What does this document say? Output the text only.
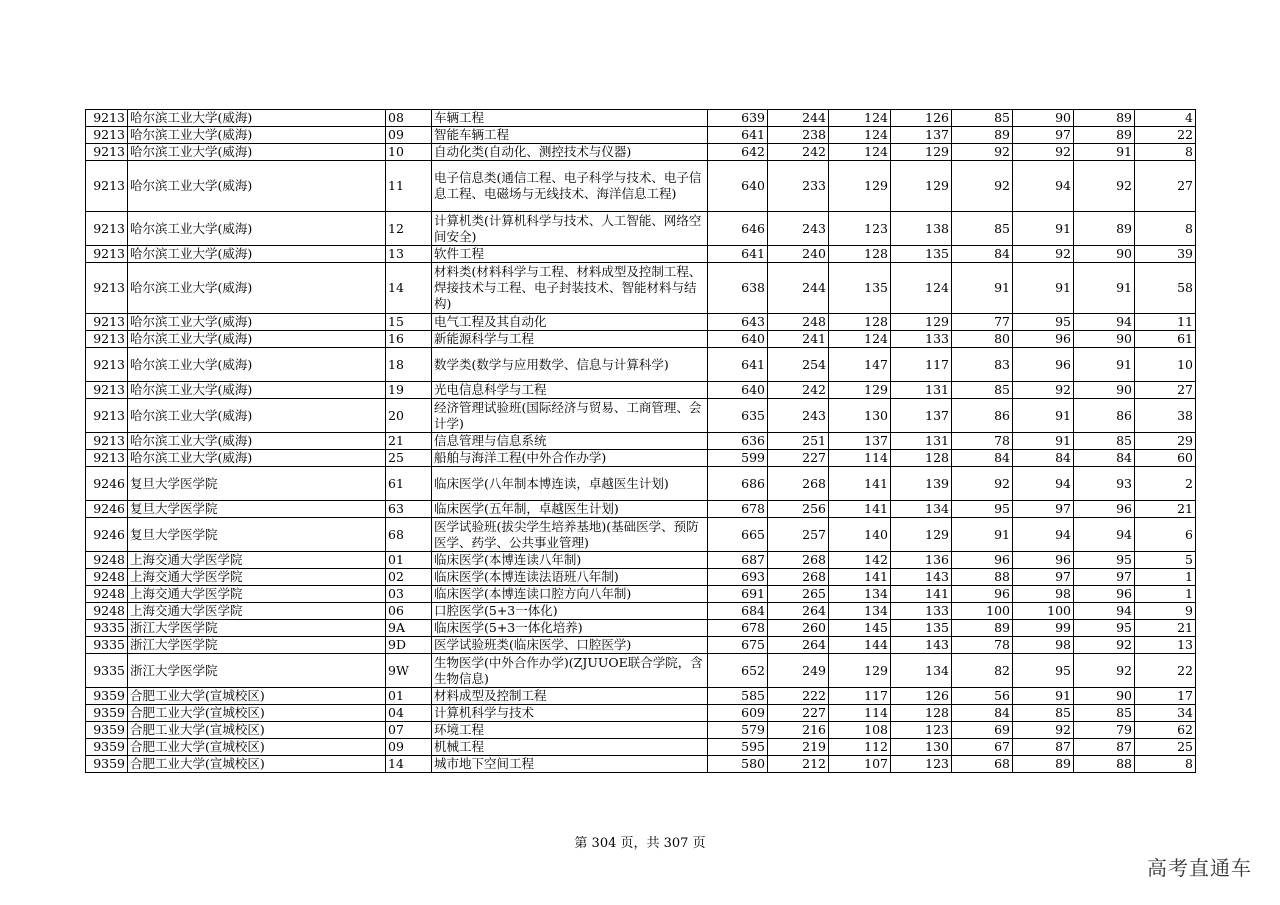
9213	哈尔滨工业大学(威海)	08	车辆工程	639	244	124	126	85	90	89	4
9213	哈尔滨工业大学(威海)	09	智能车辆工程	641	238	124	137	89	97	89	22
9213	哈尔滨工业大学(威海)	10	自动化类(自动化、测控技术与仪器)	642	242	124	129	92	92	91	8
9213	哈尔滨工业大学(威海)	11	电子信息类(通信工程、电子科学与技术、电子信息工程、电磁场与无线技术、海洋信息工程)	640	233	129	129	92	94	92	27
9213	哈尔滨工业大学(威海)	12	计算机类(计算机科学与技术、人工智能、网络空间安全)	646	243	123	138	85	91	89	8
9213	哈尔滨工业大学(威海)	13	软件工程	641	240	128	135	84	92	90	39
9213	哈尔滨工业大学(威海)	14	材料类(材料科学与工程、材料成型及控制工程、焊接技术与工程、电子封装技术、智能材料与结构)	638	244	135	124	91	91	91	58
9213	哈尔滨工业大学(威海)	15	电气工程及其自动化	643	248	128	129	77	95	94	11
9213	哈尔滨工业大学(威海)	16	新能源科学与工程	640	241	124	133	80	96	90	61
9213	哈尔滨工业大学(威海)	18	数学类(数学与应用数学、信息与计算科学)	641	254	147	117	83	96	91	10
9213	哈尔滨工业大学(威海)	19	光电信息科学与工程	640	242	129	131	85	92	90	27
9213	哈尔滨工业大学(威海)	20	经济管理试验班(国际经济与贸易、工商管理、会计学)	635	243	130	137	86	91	86	38
9213	哈尔滨工业大学(威海)	21	信息管理与信息系统	636	251	137	131	78	91	85	29
9213	哈尔滨工业大学(威海)	25	船舶与海洋工程(中外合作办学)	599	227	114	128	84	84	84	60
9246	复旦大学医学院	61	临床医学(八年制本博连读，卓越医生计划)	686	268	141	139	92	94	93	2
9246	复旦大学医学院	63	临床医学(五年制，卓越医生计划)	678	256	141	134	95	97	96	21
9246	复旦大学医学院	68	医学试验班(拔尖学生培养基地)(基础医学、预防医学、药学、公共事业管理)	665	257	140	129	91	94	94	6
9248	上海交通大学医学院	01	临床医学(本博连读八年制)	687	268	142	136	96	96	95	5
9248	上海交通大学医学院	02	临床医学(本博连读法语班八年制)	693	268	141	143	88	97	97	1
9248	上海交通大学医学院	03	临床医学(本博连读口腔方向八年制)	691	265	134	141	96	98	96	1
9248	上海交通大学医学院	06	口腔医学(5+3一体化)	684	264	134	133	100	100	94	9
9335	浙江大学医学院	9A	临床医学(5+3一体化培养)	678	260	145	135	89	99	95	21
9335	浙江大学医学院	9D	医学试验班类(临床医学、口腔医学)	675	264	144	143	78	98	92	13
9335	浙江大学医学院	9W	生物医学(中外合作办学)(ZJUUOE联合学院，含生物信息)	652	249	129	134	82	95	92	22
9359	合肥工业大学(宣城校区)	01	材料成型及控制工程	585	222	117	126	56	91	90	17
9359	合肥工业大学(宣城校区)	04	计算机科学与技术	609	227	114	128	84	85	85	34
9359	合肥工业大学(宣城校区)	07	环境工程	579	216	108	123	69	92	79	62
9359	合肥工业大学(宣城校区)	09	机械工程	595	219	112	130	67	87	87	25
9359	合肥工业大学(宣城校区)	14	城市地下空间工程	580	212	107	123	68	89	88	8
第 304 页，共 307 页
高考直通车
